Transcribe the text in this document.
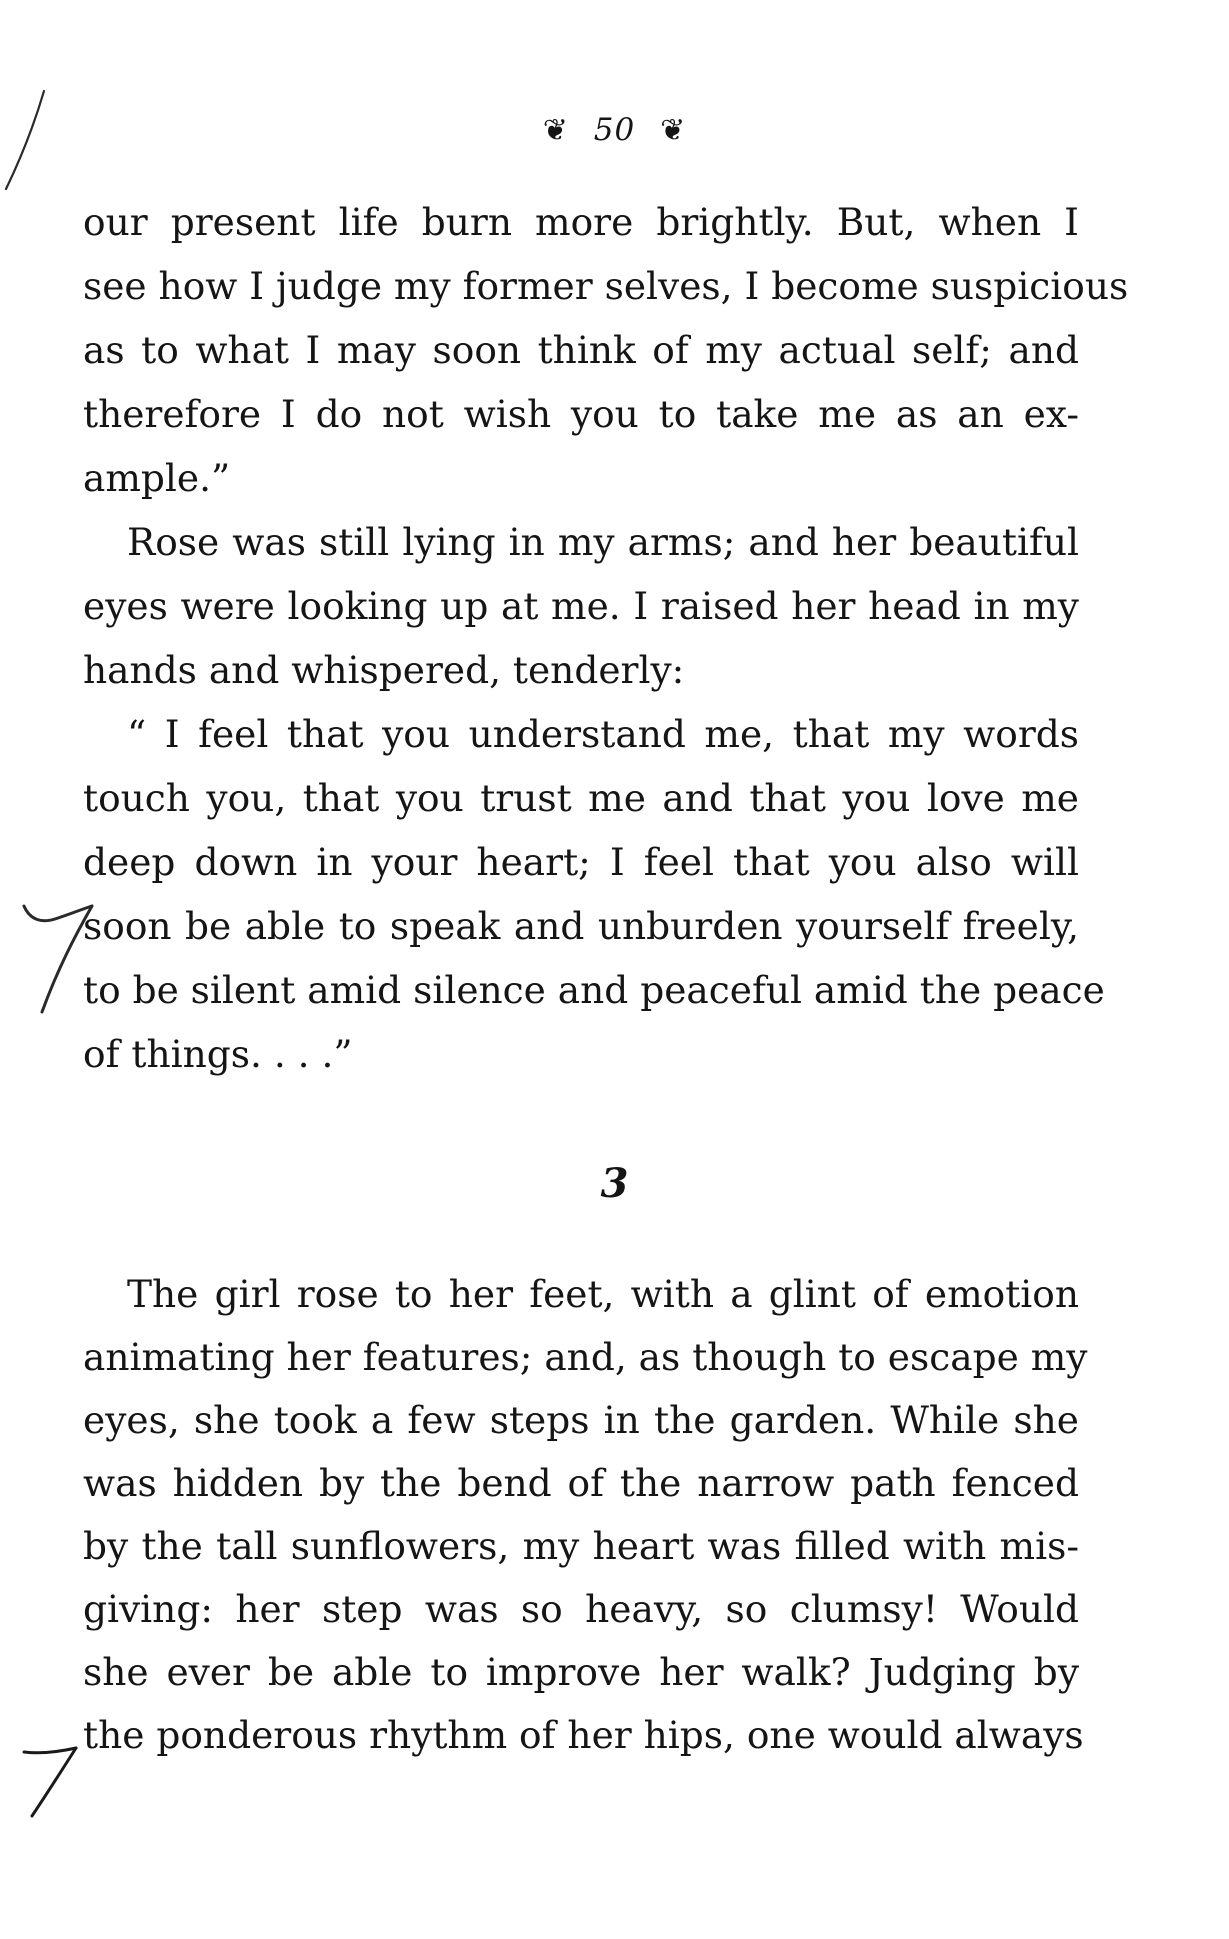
❦ 50 ❦
our present life burn more brightly. But, when I
see how I judge my former selves, I become suspicious
as to what I may soon think of my actual self; and
therefore I do not wish you to take me as an ex-
ample.”
Rose was still lying in my arms; and her beautiful
eyes were looking up at me. I raised her head in my
hands and whispered, tenderly:
“ I feel that you understand me, that my words
touch you, that you trust me and that you love me
deep down in your heart; I feel that you also will
soon be able to speak and unburden yourself freely,
to be silent amid silence and peaceful amid the peace
of things. . . .”
3
The girl rose to her feet, with a glint of emotion
animating her features; and, as though to escape my
eyes, she took a few steps in the garden. While she
was hidden by the bend of the narrow path fenced
by the tall sunflowers, my heart was filled with mis-
giving: her step was so heavy, so clumsy! Would
she ever be able to improve her walk? Judging by
the ponderous rhythm of her hips, one would always
